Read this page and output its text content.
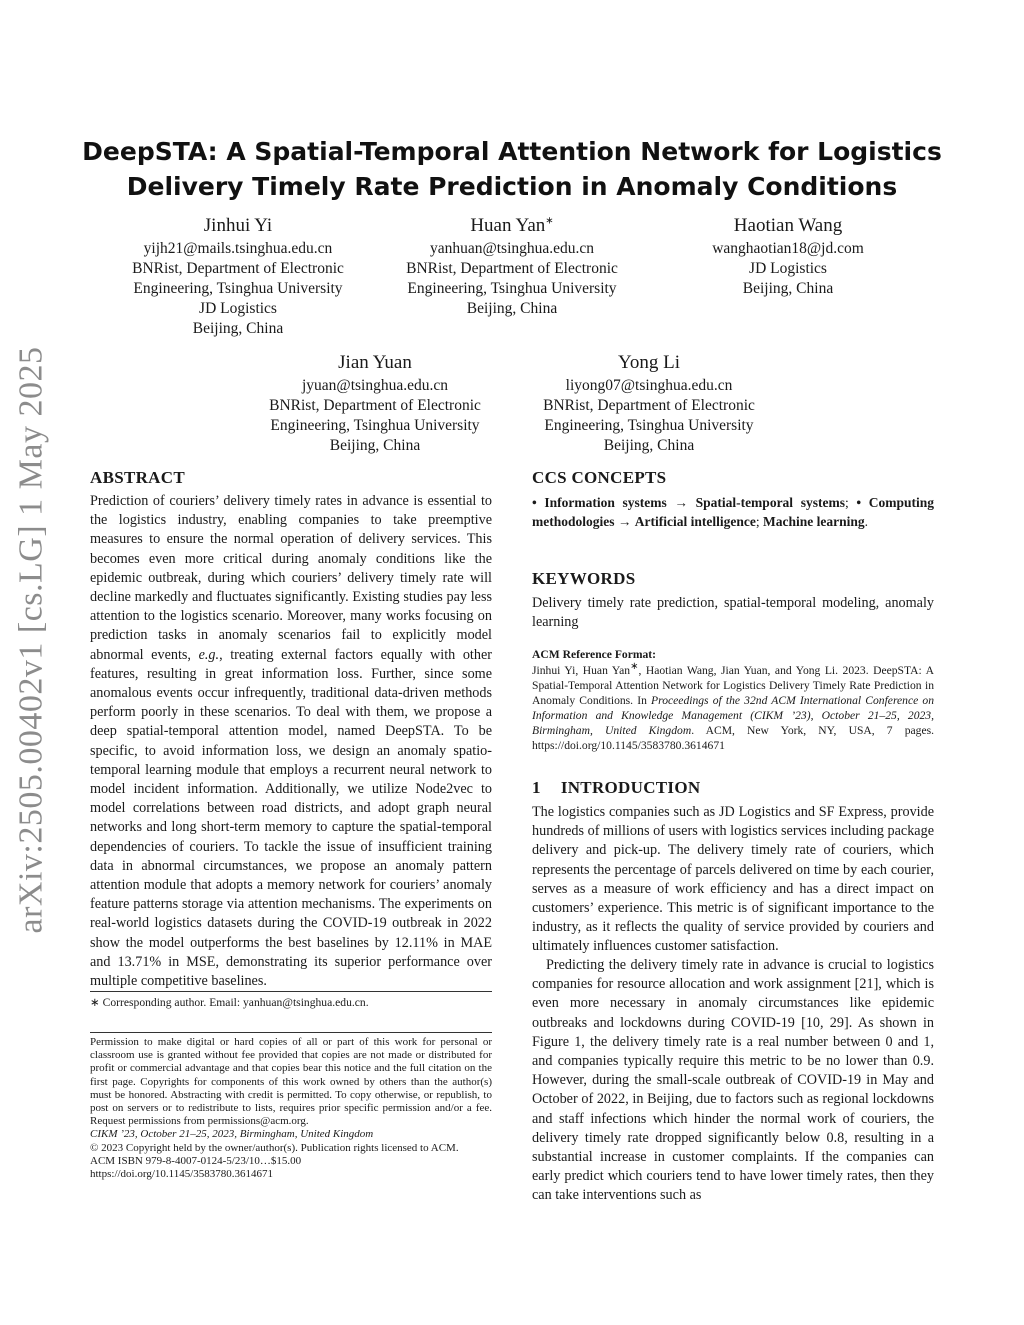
arXiv:2505.00402v1 [cs.LG] 1 May 2025
DeepSTA: A Spatial-Temporal Attention Network for Logistics
Delivery Timely Rate Prediction in Anomaly Conditions
Jinhui Yi
yijh21@mails.tsinghua.edu.cn
BNRist, Department of Electronic
Engineering, Tsinghua University
JD Logistics
Beijing, China
Huan Yan∗
yanhuan@tsinghua.edu.cn
BNRist, Department of Electronic
Engineering, Tsinghua University
Beijing, China
Haotian Wang
wanghaotian18@jd.com
JD Logistics
Beijing, China
Jian Yuan
jyuan@tsinghua.edu.cn
BNRist, Department of Electronic
Engineering, Tsinghua University
Beijing, China
Yong Li
liyong07@tsinghua.edu.cn
BNRist, Department of Electronic
Engineering, Tsinghua University
Beijing, China
ABSTRACT
Prediction of couriers’ delivery timely rates in advance is essential to the logistics industry, enabling companies to take preemptive measures to ensure the normal operation of delivery services. This becomes even more critical during anomaly conditions like the epidemic outbreak, during which couriers’ delivery timely rate will decline markedly and fluctuates significantly. Existing studies pay less attention to the logistics scenario. Moreover, many works focusing on prediction tasks in anomaly scenarios fail to explicitly model abnormal events, e.g., treating external factors equally with other features, resulting in great information loss. Further, since some anomalous events occur infrequently, traditional data-driven methods perform poorly in these scenarios. To deal with them, we propose a deep spatial-temporal attention model, named DeepSTA. To be specific, to avoid information loss, we design an anomaly spatio-temporal learning module that employs a recurrent neural network to model incident information. Additionally, we utilize Node2vec to model correlations between road districts, and adopt graph neural networks and long short-term memory to capture the spatial-temporal dependencies of couriers. To tackle the issue of insufficient training data in abnormal circumstances, we propose an anomaly pattern attention module that adopts a memory network for couriers’ anomaly feature patterns storage via attention mechanisms. The experiments on real-world logistics datasets during the COVID-19 outbreak in 2022 show the model outperforms the best baselines by 12.11% in MAE and 13.71% in MSE, demonstrating its superior performance over multiple competitive baselines.
∗ Corresponding author. Email: yanhuan@tsinghua.edu.cn.
Permission to make digital or hard copies of all or part of this work for personal or classroom use is granted without fee provided that copies are not made or distributed for profit or commercial advantage and that copies bear this notice and the full citation on the first page. Copyrights for components of this work owned by others than the author(s) must be honored. Abstracting with credit is permitted. To copy otherwise, or republish, to post on servers or to redistribute to lists, requires prior specific permission and/or a fee. Request permissions from permissions@acm.org.
CIKM ’23, October 21–25, 2023, Birmingham, United Kingdom
© 2023 Copyright held by the owner/author(s). Publication rights licensed to ACM.
ACM ISBN 979-8-4007-0124-5/23/10…$15.00
https://doi.org/10.1145/3583780.3614671
CCS CONCEPTS
• Information systems → Spatial-temporal systems; • Computing methodologies → Artificial intelligence; Machine learning.
KEYWORDS
Delivery timely rate prediction, spatial-temporal modeling, anomaly learning
ACM Reference Format:
Jinhui Yi, Huan Yan∗, Haotian Wang, Jian Yuan, and Yong Li. 2023. DeepSTA: A Spatial-Temporal Attention Network for Logistics Delivery Timely Rate Prediction in Anomaly Conditions. In Proceedings of the 32nd ACM International Conference on Information and Knowledge Management (CIKM ’23), October 21–25, 2023, Birmingham, United Kingdom. ACM, New York, NY, USA, 7 pages. https://doi.org/10.1145/3583780.3614671
1 INTRODUCTION
The logistics companies such as JD Logistics and SF Express, provide hundreds of millions of users with logistics services including package delivery and pick-up. The delivery timely rate of couriers, which represents the percentage of parcels delivered on time by each courier, serves as a measure of work efficiency and has a direct impact on customers’ experience. This metric is of significant importance to the industry, as it reflects the quality of service provided by couriers and ultimately influences customer satisfaction.
Predicting the delivery timely rate in advance is crucial to logistics companies for resource allocation and work assignment [21], which is even more necessary in anomaly circumstances like epidemic outbreaks and lockdowns during COVID-19 [10, 29]. As shown in Figure 1, the delivery timely rate is a real number between 0 and 1, and companies typically require this metric to be no lower than 0.9. However, during the small-scale outbreak of COVID-19 in May and October of 2022, in Beijing, due to factors such as regional lockdowns and staff infections which hinder the normal work of couriers, the delivery timely rate dropped significantly below 0.8, resulting in a substantial increase in customer complaints. If the companies can early predict which couriers tend to have lower timely rates, then they can take interventions such as
